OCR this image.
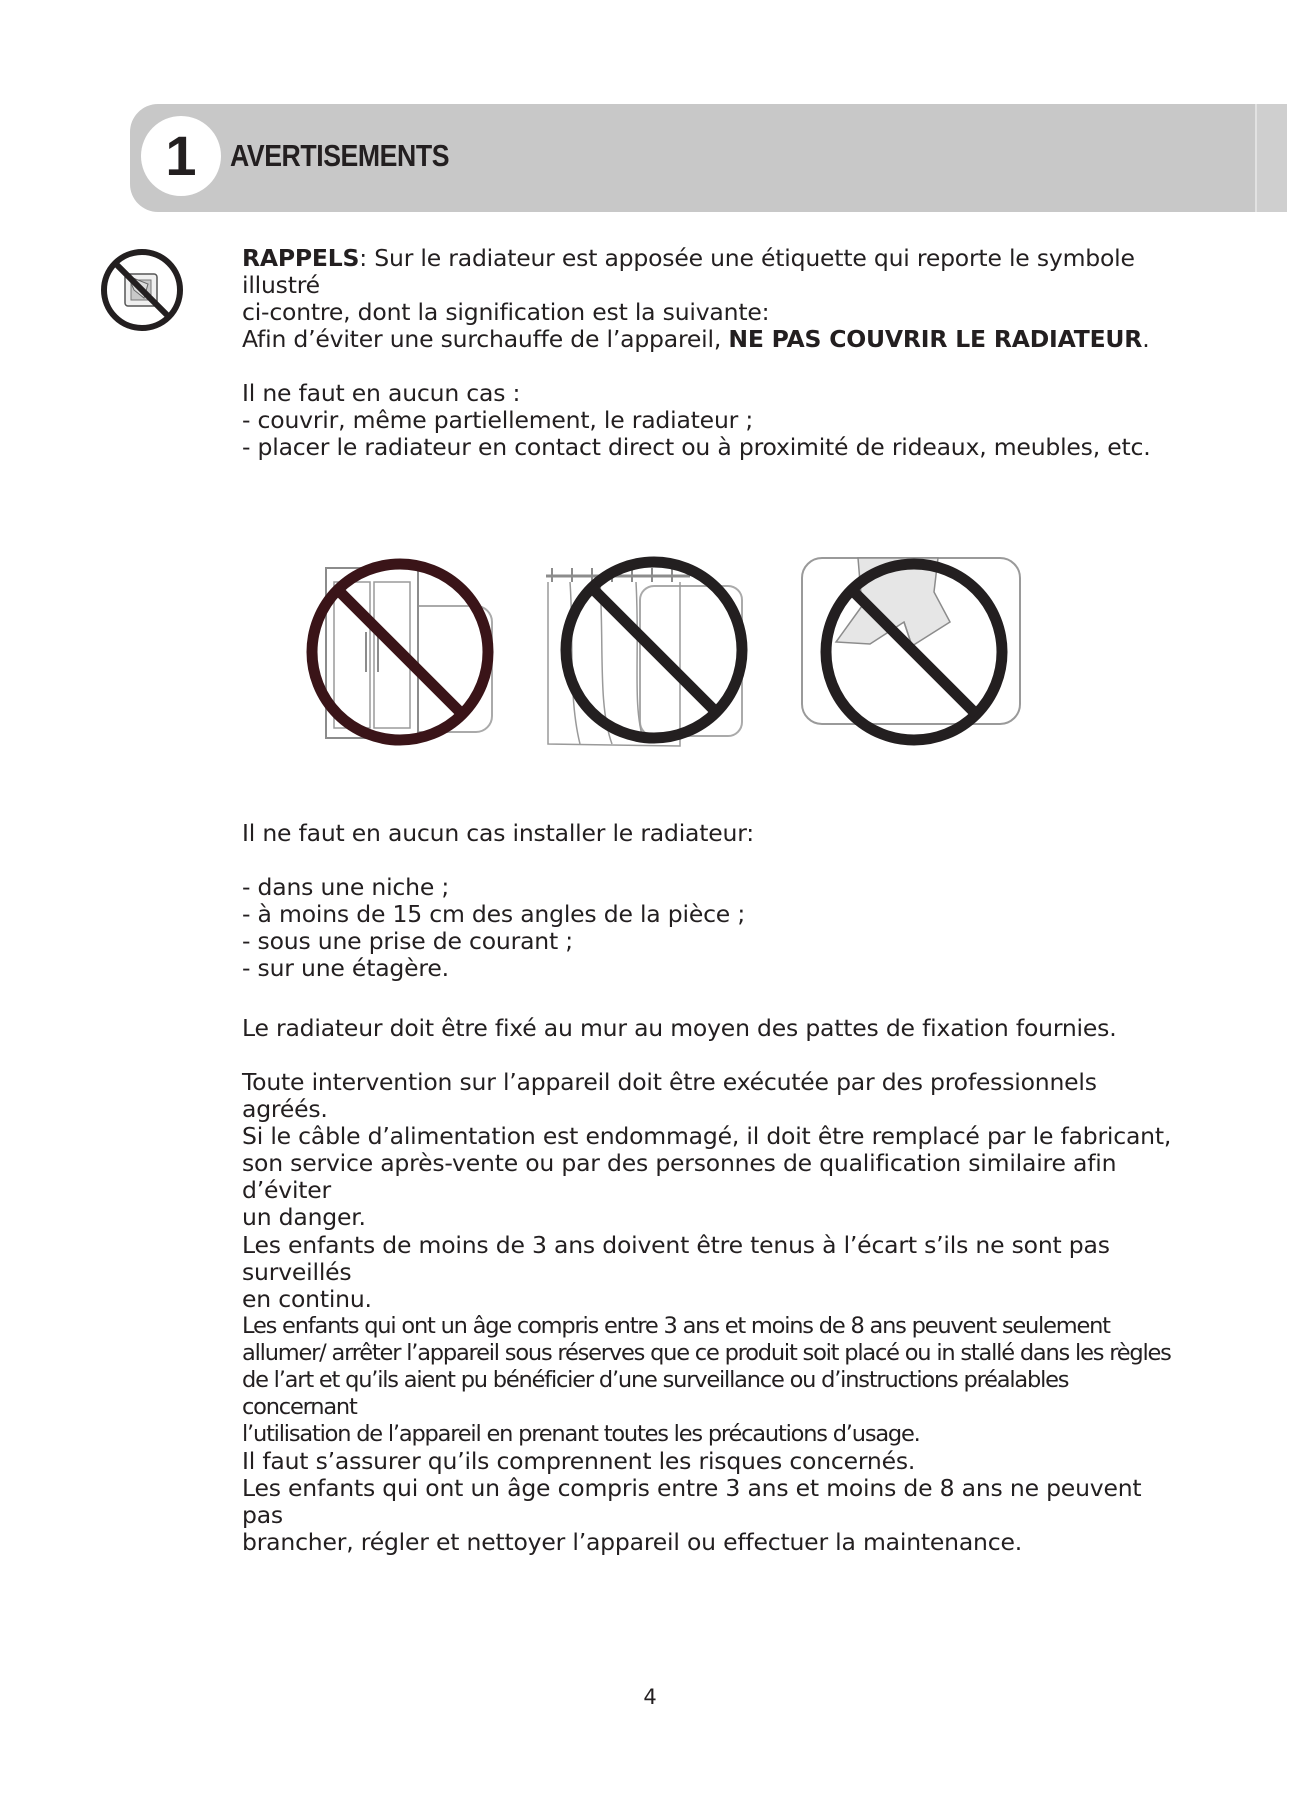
1	AVERTISEMENTS

RAPPELS: Sur le radiateur est apposée une étiquette qui reporte le symbole illustré

ci-contre, dont la signification est la suivante:

Afin d’éviter une surchauffe de l’appareil, NE PAS COUVRIR LE RADIATEUR.

Il ne faut en aucun cas :

- couvrir, même partiellement, le radiateur ;

- placer le radiateur en contact direct ou à proximité de rideaux, meubles, etc.

Il ne faut en aucun cas installer le radiateur:

- dans une niche ;

- à moins de 15 cm des angles de la pièce ;

- sous une prise de courant ;

- sur une étagère.

Le radiateur doit être fixé au mur au moyen des pattes de fixation fournies.
Toute intervention sur l’appareil doit être exécutée par des professionnels agréés.

Si le câble d’alimentation est endommagé, il doit être remplacé par le fabricant,

son service après-vente ou par des personnes de qualification similaire afin d’éviter

un danger.

Les enfants de moins de 3 ans doivent être tenus à l’écart s’ils ne sont pas surveillés

en continu.

Les enfants qui ont un âge compris entre 3 ans et moins de 8 ans peuvent seulement

allumer/ arrêter l’appareil sous réserves que ce produit soit placé ou in stallé dans les règles

de l’art et qu’ils aient pu bénéficier d’une surveillance ou d’instructions préalables concernant

l’utilisation de l’appareil en prenant toutes les précautions d’usage.

Il faut s’assurer qu’ils comprennent les risques concernés.

Les enfants qui ont un âge compris entre 3 ans et moins de 8 ans ne peuvent pas

brancher, régler et nettoyer l’appareil ou effectuer la maintenance.

4
